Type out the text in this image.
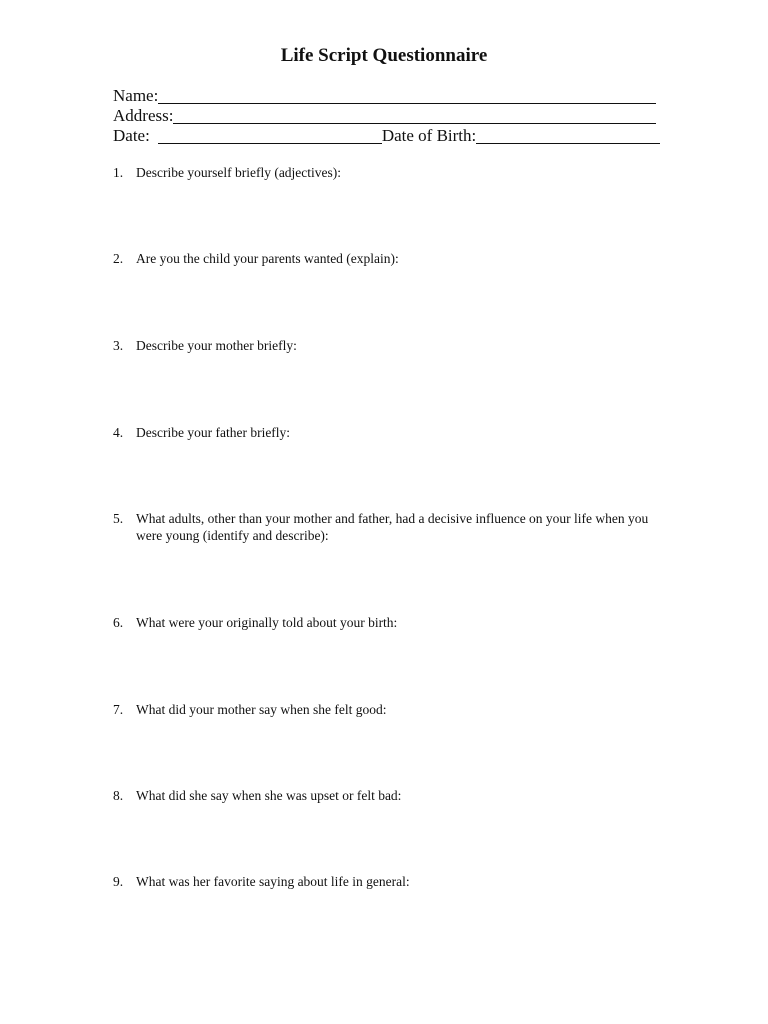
Life Script Questionnaire
Name:
Address:
Date:	Date of Birth:
1. Describe yourself briefly (adjectives):
2. Are you the child your parents wanted (explain):
3. Describe your mother briefly:
4. Describe your father briefly:
5. What adults, other than your mother and father, had a decisive influence on your life when you were young (identify and describe):
6. What were your originally told about your birth:
7. What did your mother say when she felt good:
8. What did she say when she was upset or felt bad:
9. What was her favorite saying about life in general:
